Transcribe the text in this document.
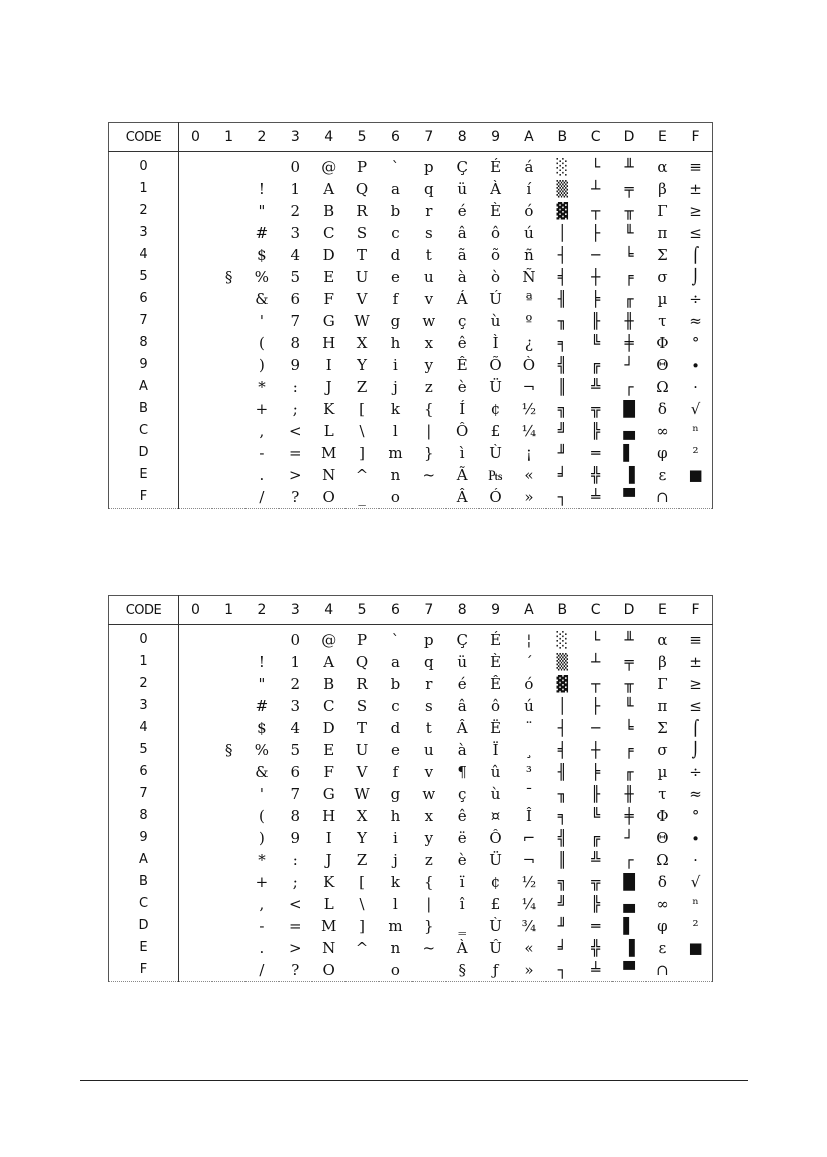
CODE	0	1	2	3	4	5	6	7	8	9	A	B	C	D	E	F
0				0	@	P	`	p	Ç	É	á	░	└	╨	α	≡
1			!	1	A	Q	a	q	ü	À	í	▒	┴	╤	β	±
2			"	2	B	R	b	r	é	È	ó	▓	┬	╥	Γ	≥
3			#	3	C	S	c	s	â	ô	ú	│	├	╙	π	≤
4			$	4	D	T	d	t	ã	õ	ñ	┤	─	╘	Σ	⌠
5		§	%	5	E	U	e	u	à	ò	Ñ	╡	┼	╒	σ	⌡
6			&	6	F	V	f	v	Á	Ú	ª	╢	╞	╓	µ	÷
7			'	7	G	W	g	w	ç	ù	º	╖	╟	╫	τ	≈
8			(	8	H	X	h	x	ê	Ì	¿	╕	╚	╪	Φ	°
9			)	9	I	Y	i	y	Ê	Õ	Ò	╣	╔	┘	Θ	∙
A			*	:	J	Z	j	z	è	Ü	¬	║	╩	┌	Ω	·
B			+	;	K	[	k	{	Í	¢	½	╗	╦	█	δ	√
C			,	<	L	\	l	|	Ô	£	¼	╝	╠	▄	∞	ⁿ
D			-	=	M	]	m	}	ì	Ù	¡	╜	═	▌	φ	²
E			.	>	N	^	n	~	Ã	₧	«	╛	╬	▐	ε	■
F			/	?	O	_	o		Â	Ó	»	┐	╧	▀	∩	
CODE	0	1	2	3	4	5	6	7	8	9	A	B	C	D	E	F
0				0	@	P	`	p	Ç	É	¦	░	└	╨	α	≡
1			!	1	A	Q	a	q	ü	È	´	▒	┴	╤	β	±
2			"	2	B	R	b	r	é	Ê	ó	▓	┬	╥	Γ	≥
3			#	3	C	S	c	s	â	ô	ú	│	├	╙	π	≤
4			$	4	D	T	d	t	Â	Ë	¨	┤	─	╘	Σ	⌠
5		§	%	5	E	U	e	u	à	Ï	¸	╡	┼	╒	σ	⌡
6			&	6	F	V	f	v	¶	û	³	╢	╞	╓	µ	÷
7			'	7	G	W	g	w	ç	ù	¯	╖	╟	╫	τ	≈
8			(	8	H	X	h	x	ê	¤	Î	╕	╚	╪	Φ	°
9			)	9	I	Y	i	y	ë	Ô	⌐	╣	╔	┘	Θ	∙
A			*	:	J	Z	j	z	è	Ü	¬	║	╩	┌	Ω	·
B			+	;	K	[	k	{	ï	¢	½	╗	╦	█	δ	√
C			,	<	L	\	l	|	î	£	¼	╝	╠	▄	∞	ⁿ
D			-	=	M	]	m	}	‗	Ù	¾	╜	═	▌	φ	²
E			.	>	N	^	n	~	À	Û	«	╛	╬	▐	ε	■
F			/	?	O		o		§	ƒ	»	┐	╧	▀	∩	
